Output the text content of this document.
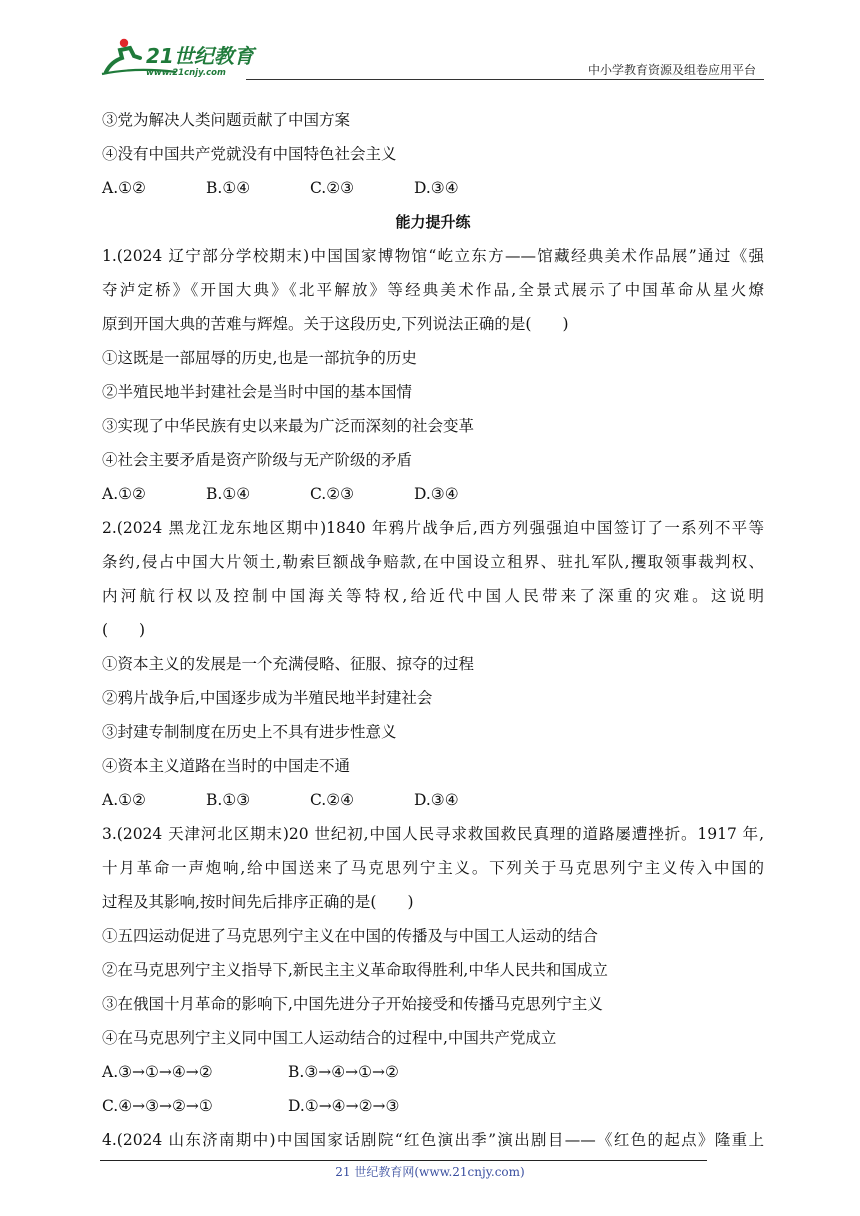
21世纪教育
www.21cnjy.com	中小学教育资源及组卷应用平台
③党为解决人类问题贡献了中国方案
④没有中国共产党就没有中国特色社会主义
A.①②	B.①④	C.②③	D.③④
能力提升练
1.(2024 辽宁部分学校期末)中国国家博物馆“屹立东方——馆藏经典美术作品展”通过《强
夺泸定桥》《开国大典》《北平解放》等经典美术作品,全景式展示了中国革命从星火燎
原到开国大典的苦难与辉煌。关于这段历史,下列说法正确的是(　　)
①这既是一部屈辱的历史,也是一部抗争的历史
②半殖民地半封建社会是当时中国的基本国情
③实现了中华民族有史以来最为广泛而深刻的社会变革
④社会主要矛盾是资产阶级与无产阶级的矛盾
A.①②	B.①④	C.②③	D.③④
2.(2024 黑龙江龙东地区期中)1840 年鸦片战争后,西方列强强迫中国签订了一系列不平等
条约,侵占中国大片领土,勒索巨额战争赔款,在中国设立租界、驻扎军队,攫取领事裁判权、
内河航行权以及控制中国海关等特权,给近代中国人民带来了深重的灾难。这说明
(　　)
①资本主义的发展是一个充满侵略、征服、掠夺的过程
②鸦片战争后,中国逐步成为半殖民地半封建社会
③封建专制制度在历史上不具有进步性意义
④资本主义道路在当时的中国走不通
A.①②	B.①③	C.②④	D.③④
3.(2024 天津河北区期末)20 世纪初,中国人民寻求救国救民真理的道路屡遭挫折。1917 年,
十月革命一声炮响,给中国送来了马克思列宁主义。下列关于马克思列宁主义传入中国的
过程及其影响,按时间先后排序正确的是(　　)
①五四运动促进了马克思列宁主义在中国的传播及与中国工人运动的结合
②在马克思列宁主义指导下,新民主主义革命取得胜利,中华人民共和国成立
③在俄国十月革命的影响下,中国先进分子开始接受和传播马克思列宁主义
④在马克思列宁主义同中国工人运动结合的过程中,中国共产党成立
A.③→①→④→②	B.③→④→①→②
C.④→③→②→①	D.①→④→②→③
4.(2024 山东济南期中)中国国家话剧院“红色演出季”演出剧目——《红色的起点》隆重上
21 世纪教育网(www.21cnjy.com)
